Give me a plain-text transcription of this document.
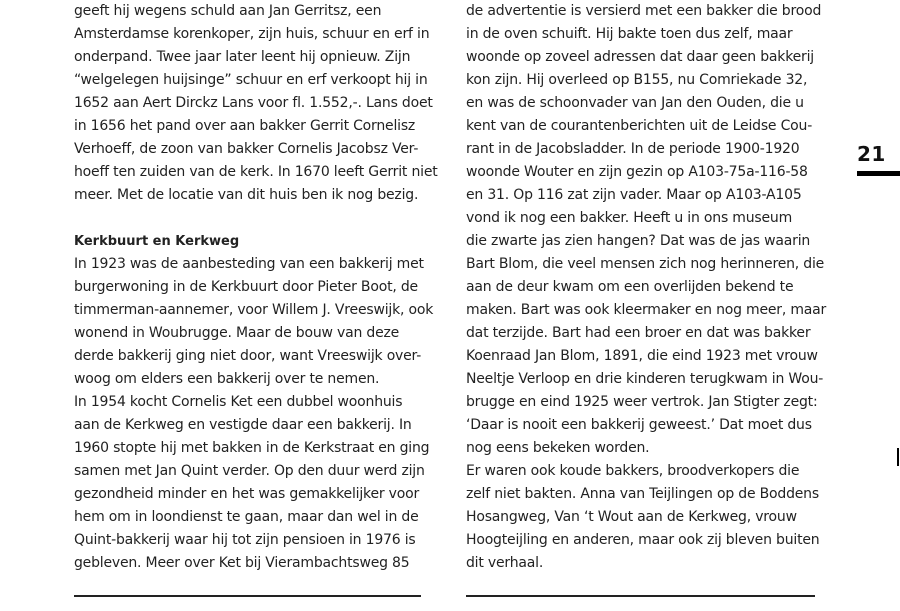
geeft hij wegens schuld aan Jan Gerritsz, een
Amsterdamse korenkoper, zijn huis, schuur en erf in
onderpand. Twee jaar later leent hij opnieuw. Zijn
“welgelegen huijsinge” schuur en erf verkoopt hij in
1652 aan Aert Dirckz Lans voor fl. 1.552,-. Lans doet
in 1656 het pand over aan bakker Gerrit Cornelisz
Verhoeff, de zoon van bakker Cornelis Jacobsz Ver-
hoeff ten zuiden van de kerk. In 1670 leeft Gerrit niet
meer. Met de locatie van dit huis ben ik nog bezig.
Kerkbuurt en Kerkweg
In 1923 was de aanbesteding van een bakkerij met
burgerwoning in de Kerkbuurt door Pieter Boot, de
timmerman-aannemer, voor Willem J. Vreeswijk, ook
wonend in Woubrugge. Maar de bouw van deze
derde bakkerij ging niet door, want Vreeswijk over-
woog om elders een bakkerij over te nemen.
In 1954 kocht Cornelis Ket een dubbel woonhuis
aan de Kerkweg en vestigde daar een bakkerij. In
1960 stopte hij met bakken in de Kerkstraat en ging
samen met Jan Quint verder. Op den duur werd zijn
gezondheid minder en het was gemakkelijker voor
hem om in loondienst te gaan, maar dan wel in de
Quint-bakkerij waar hij tot zijn pensioen in 1976 is
gebleven. Meer over Ket bij Vierambachtsweg 85
de advertentie is versierd met een bakker die brood
in de oven schuift. Hij bakte toen dus zelf, maar
woonde op zoveel adressen dat daar geen bakkerij
kon zijn. Hij overleed op B155, nu Comriekade 32,
en was de schoonvader van Jan den Ouden, die u
kent van de courantenberichten uit de Leidse Cou-
rant in de Jacobsladder. In de periode 1900-1920
woonde Wouter en zijn gezin op A103-75a-116-58
en 31. Op 116 zat zijn vader. Maar op A103-A105
vond ik nog een bakker. Heeft u in ons museum
die zwarte jas zien hangen? Dat was de jas waarin
Bart Blom, die veel mensen zich nog herinneren, die
aan de deur kwam om een overlijden bekend te
maken. Bart was ook kleermaker en nog meer, maar
dat terzijde. Bart had een broer en dat was bakker
Koenraad Jan Blom, 1891, die eind 1923 met vrouw
Neeltje Verloop en drie kinderen terugkwam in Wou-
brugge en eind 1925 weer vertrok. Jan Stigter zegt:
‘Daar is nooit een bakkerij geweest.’ Dat moet dus
nog eens bekeken worden.
Er waren ook koude bakkers, broodverkopers die
zelf niet bakten. Anna van Teijlingen op de Boddens
Hosangweg, Van ‘t Wout aan de Kerkweg, vrouw
Hoogteijling en anderen, maar ook zij bleven buiten
dit verhaal.
21
